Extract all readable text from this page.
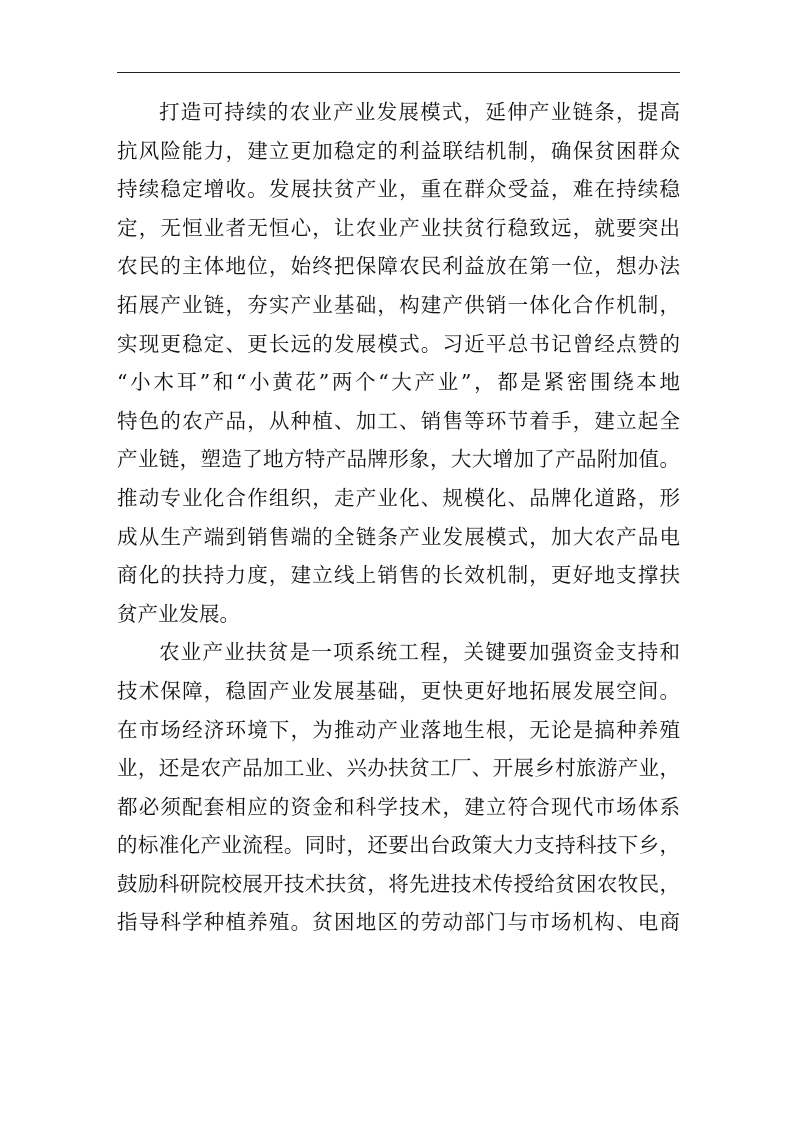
打造可持续的农业产业发展模式，延伸产业链条，提高
抗风险能力，建立更加稳定的利益联结机制，确保贫困群众
持续稳定增收。发展扶贫产业，重在群众受益，难在持续稳
定，无恒业者无恒心，让农业产业扶贫行稳致远，就要突出
农民的主体地位，始终把保障农民利益放在第一位，想办法
拓展产业链，夯实产业基础，构建产供销一体化合作机制，
实现更稳定、更长远的发展模式。习近平总书记曾经点赞的
“小木耳”和“小黄花”两个“大产业”，都是紧密围绕本地
特色的农产品，从种植、加工、销售等环节着手，建立起全
产业链，塑造了地方特产品牌形象，大大增加了产品附加值。
推动专业化合作组织，走产业化、规模化、品牌化道路，形
成从生产端到销售端的全链条产业发展模式，加大农产品电
商化的扶持力度，建立线上销售的长效机制，更好地支撑扶
贫产业发展。
农业产业扶贫是一项系统工程，关键要加强资金支持和
技术保障，稳固产业发展基础，更快更好地拓展发展空间。
在市场经济环境下，为推动产业落地生根，无论是搞种养殖
业，还是农产品加工业、兴办扶贫工厂、开展乡村旅游产业，
都必须配套相应的资金和科学技术，建立符合现代市场体系
的标准化产业流程。同时，还要出台政策大力支持科技下乡，
鼓励科研院校展开技术扶贫，将先进技术传授给贫困农牧民，
指导科学种植养殖。贫困地区的劳动部门与市场机构、电商
